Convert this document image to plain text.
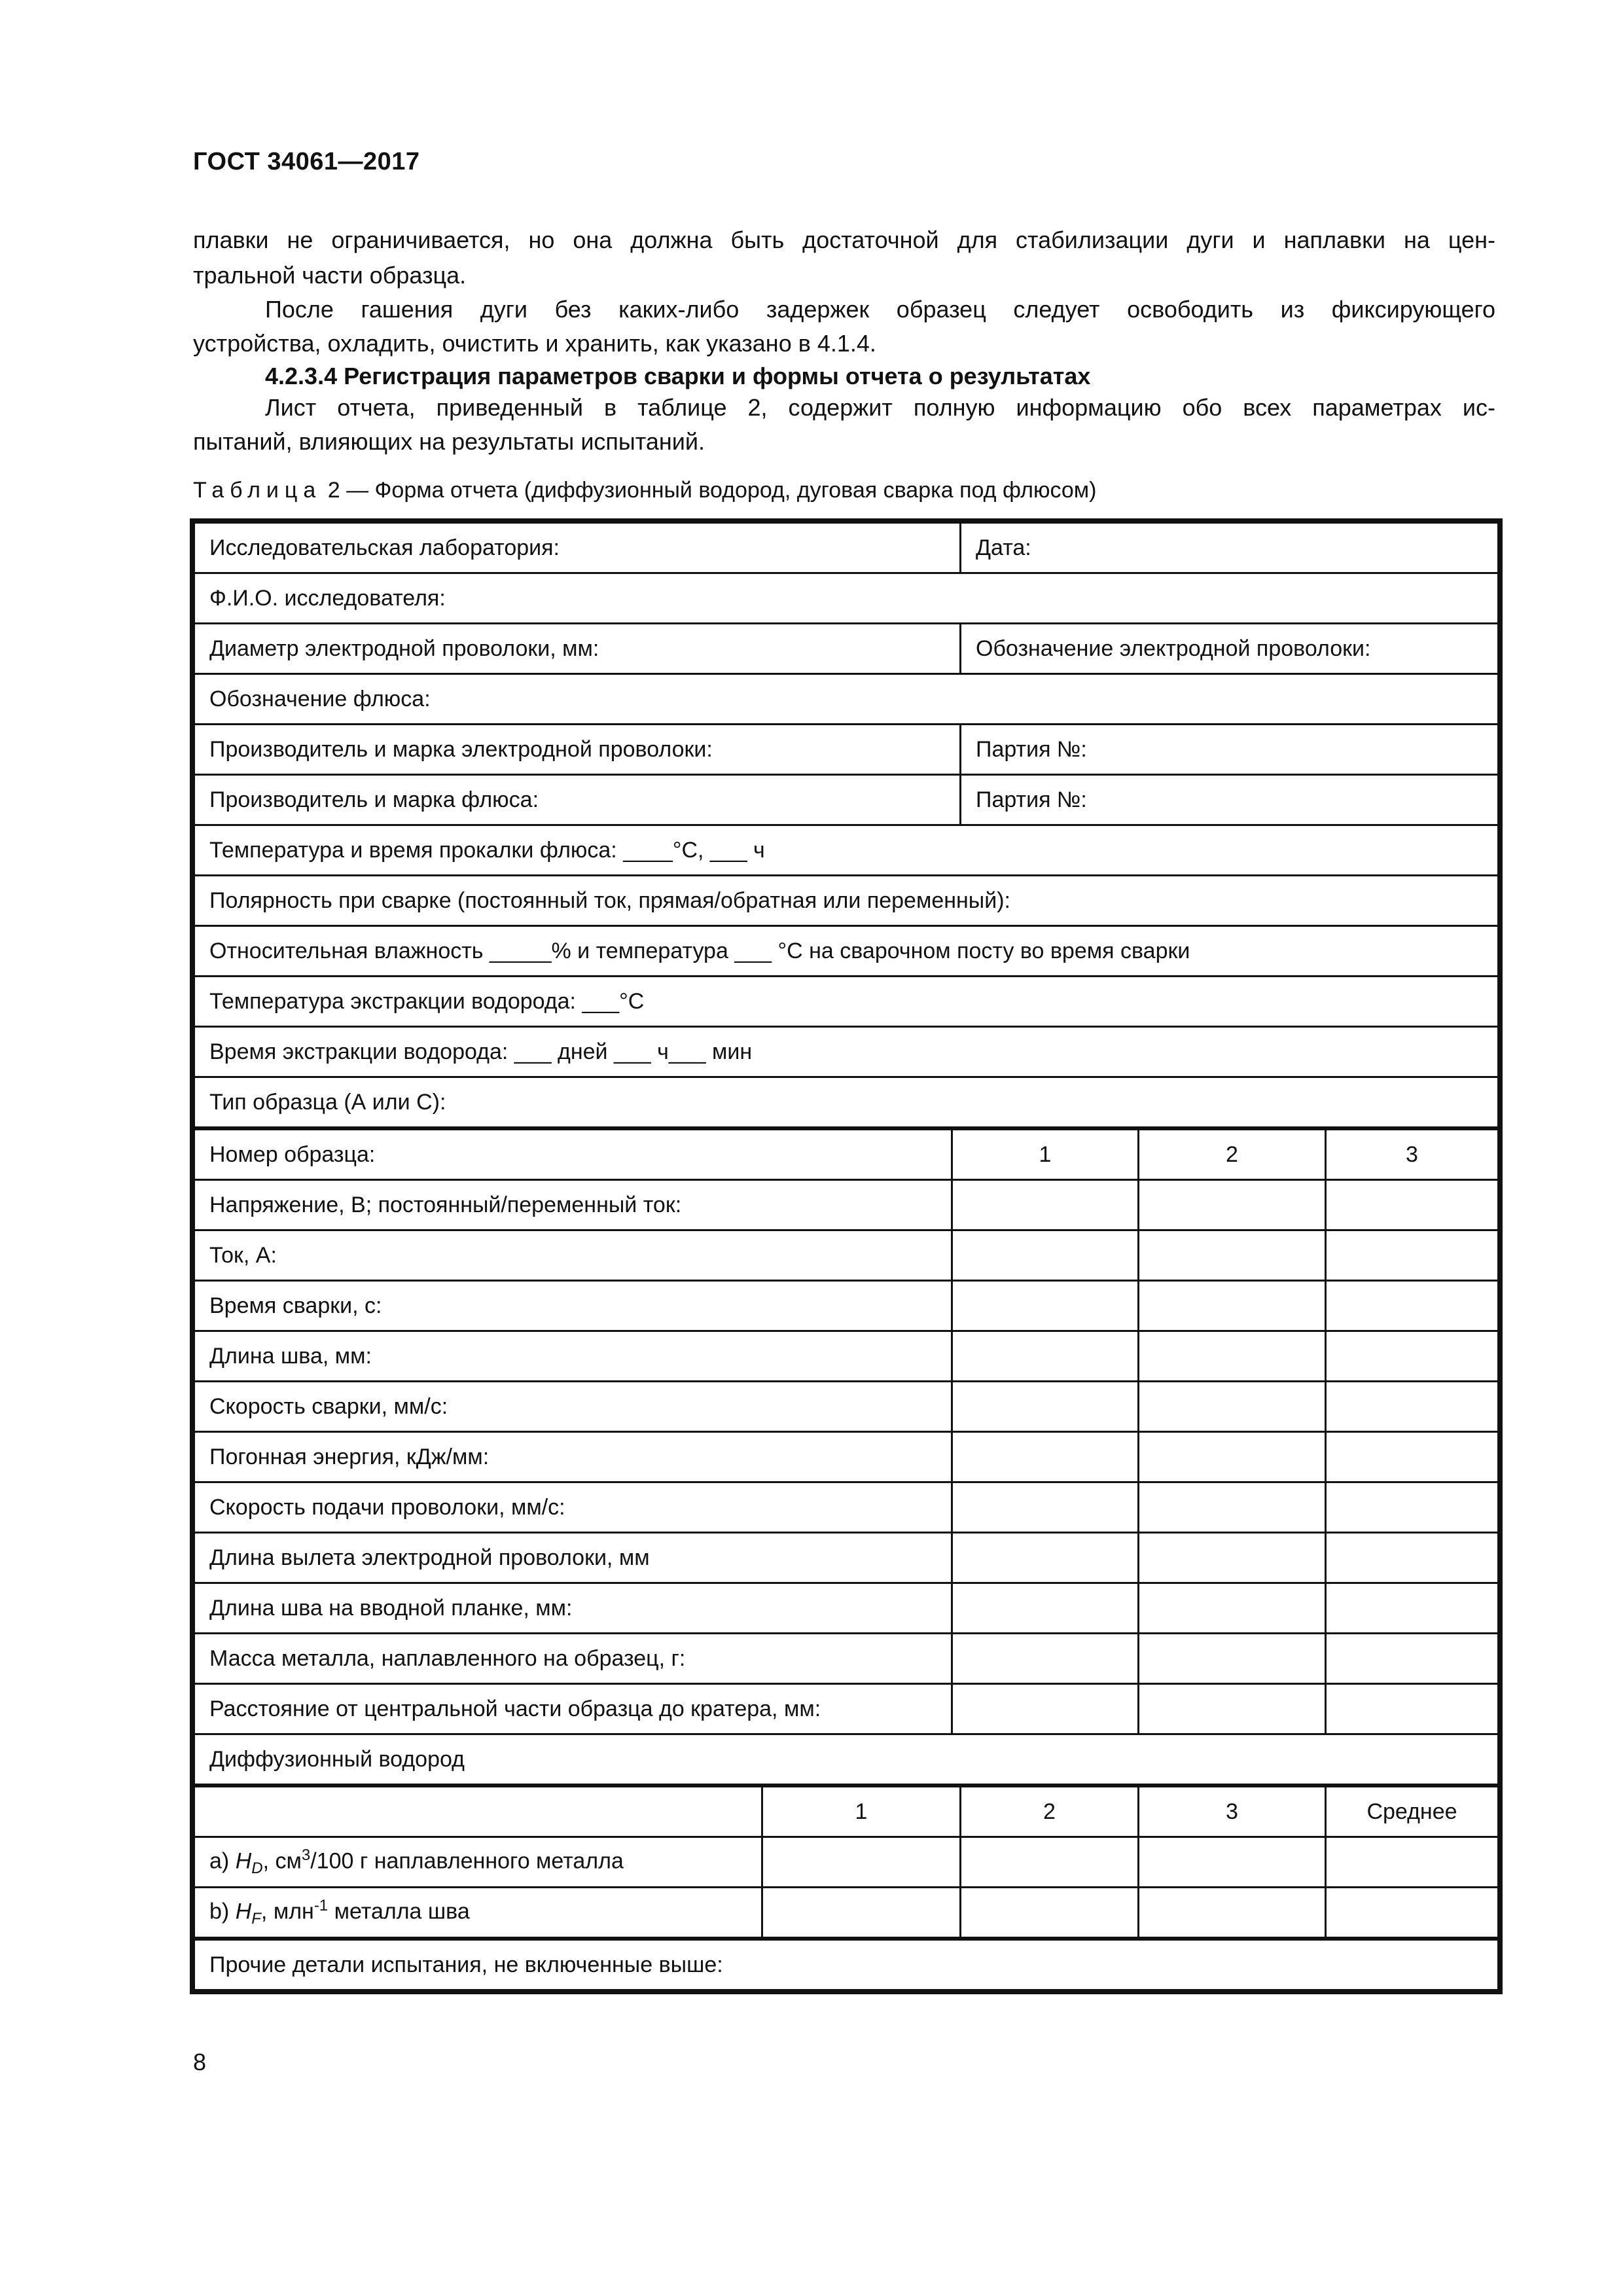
ГОСТ 34061—2017
плавки не ограничивается, но она должна быть достаточной для стабилизации дуги и наплавки на цен-
тральной части образца.
После гашения дуги без каких-либо задержек образец следует освободить из фиксирующего
устройства, охладить, очистить и хранить, как указано в 4.1.4.
4.2.3.4 Регистрация параметров сварки и формы отчета о результатах
Лист отчета, приведенный в таблице 2, содержит полную информацию обо всех параметрах ис-
пытаний, влияющих на результаты испытаний.
Таблица 2 — Форма отчета (диффузионный водород, дуговая сварка под флюсом)
Исследовательская лаборатория:			Дата:		
Ф.И.О. исследователя:					
Диаметр электродной проволоки, мм:			Обозначение электродной проволоки:		
Обозначение флюса:					
Производитель и марка электродной проволоки:			Партия №:		
Производитель и марка флюса:			Партия №:		
Температура и время прокалки флюса: ____°С, ___ ч					
Полярность при сварке (постоянный ток, прямая/обратная или переменный):					
Относительная влажность _____% и температура ___ °С на сварочном посту во время сварки					
Температура экстракции водорода: ___°С					
Время экстракции водорода: ___ дней ___ ч___ мин					
Тип образца (А или С):					
Номер образца:		1		2	3
Напряжение, В; постоянный/переменный ток:					
Ток, А:					
Время сварки, с:					
Длина шва, мм:					
Скорость сварки, мм/с:					
Погонная энергия, кДж/мм:					
Скорость подачи проволоки, мм/с:					
Длина вылета электродной проволоки, мм					
Длина шва на вводной планке, мм:					
Масса металла, наплавленного на образец, г:					
Расстояние от центральной части образца до кратера, мм:					
Диффузионный водород					
	1		2	3	Среднее
а) $H_D$, $см^3/100$ г наплавленного металла					
b) $H_F$, млн$^{-1}$ металла шва					
Прочие детали испытания, не включенные выше:					
8
